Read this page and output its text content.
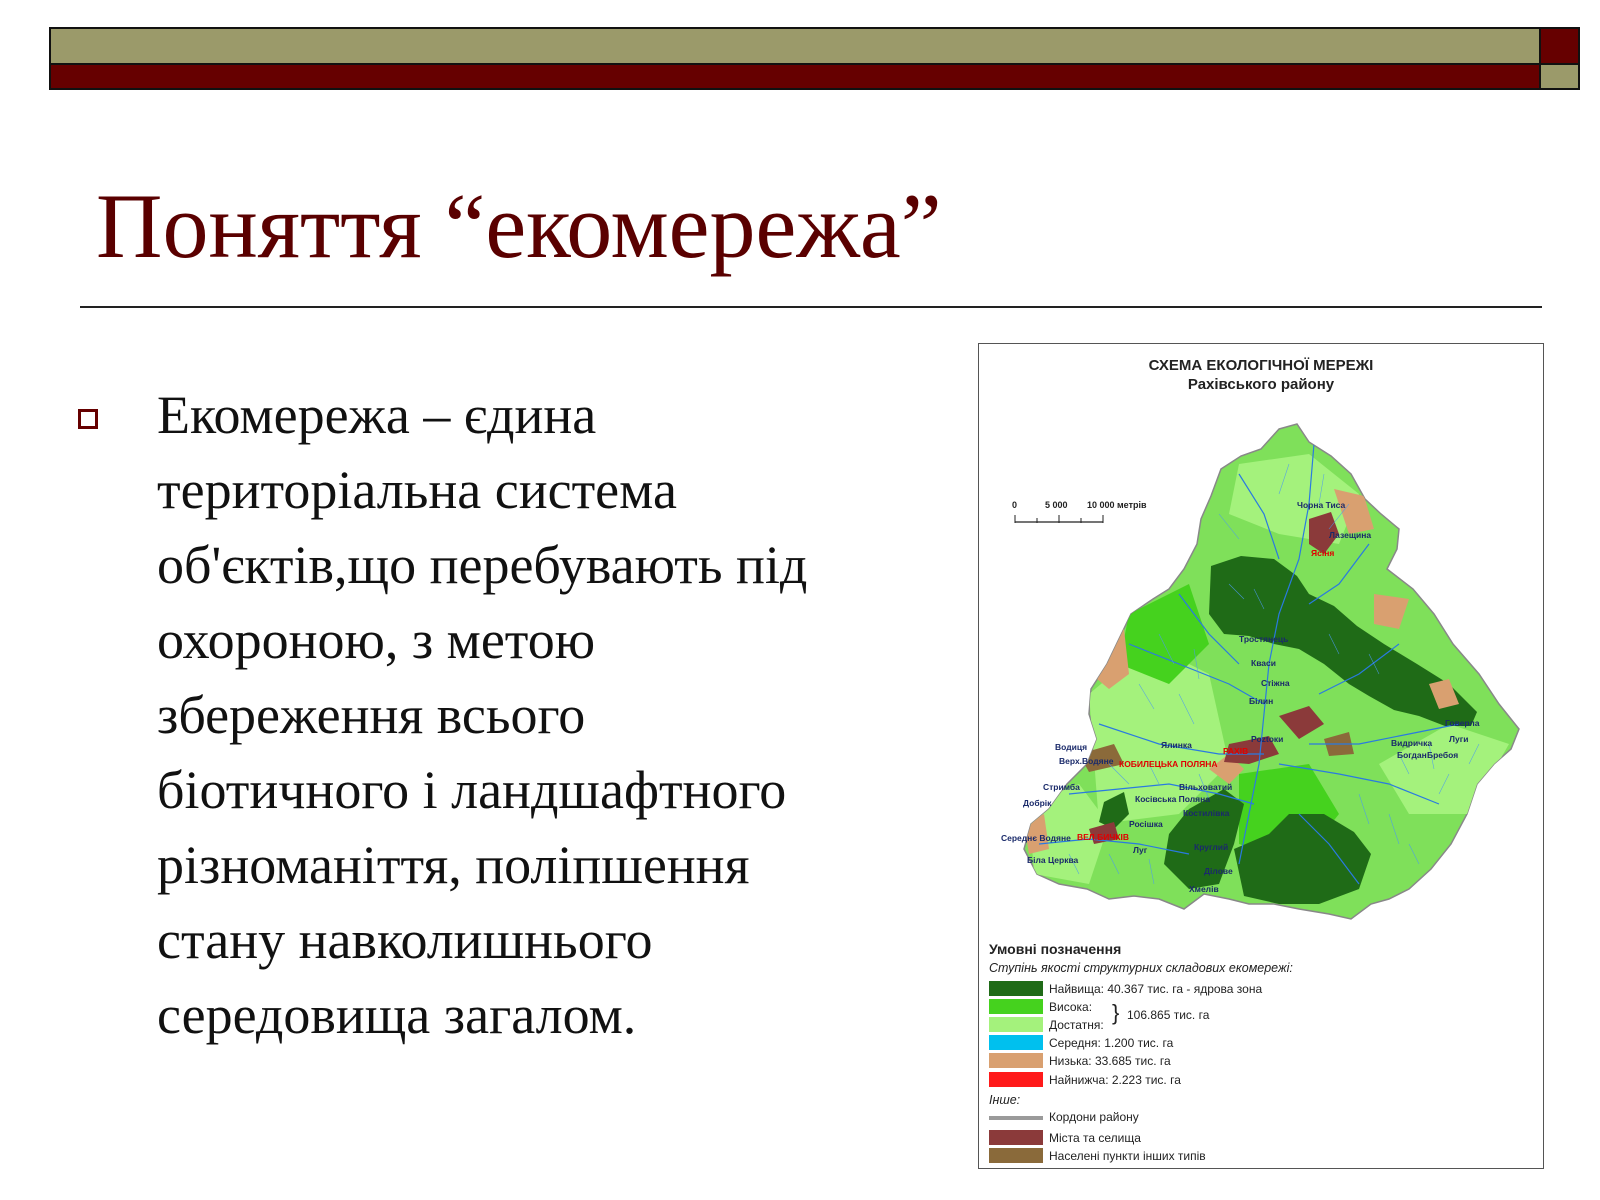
Поняття “екомережа”
Екомережа – єдина
територіальна система
об'єктів,що перебувають під
охороною, з метою
збереження всього
біотичного і ландшафтного
різноманіття, поліпшення
стану навколишнього
середовища загалом.
СХЕМА ЕКОЛОГІЧНОЇ МЕРЕЖІ
Рахівського району
0	5 000 10 000 метрів	Чорна Тиса
Лазещина
Ясіня
Тростянець
Кваси
Стіжна
Білин
Говерла
Луги
Роztоки	Видричка
Богдан Бребоя
Ялинка
Водиця
Верх.Водяне
Стримба
Добрік
Середнє Водяне
Біла Церква
Вільховатий
Косівська Поляна
Костилівка
Росішка
Луг	Круглий
Ділове
Хмелів
КОБИЛЕЦЬКА ПОЛЯНА
ВЕЛ.БИЧКІВ
РАХІВ
Умовні позначення
Ступінь якості структурних складових екомережі:
Найвища: 40.367 тис. га - ядрова зона
Висока:
Достатня: } 106.865 тис. га
Середня: 1.200 тис. га
Низька: 33.685 тис. га
Найнижча: 2.223 тис. га
Інше:
Кордони району
Міста та селища
Населені пункти інших типів
